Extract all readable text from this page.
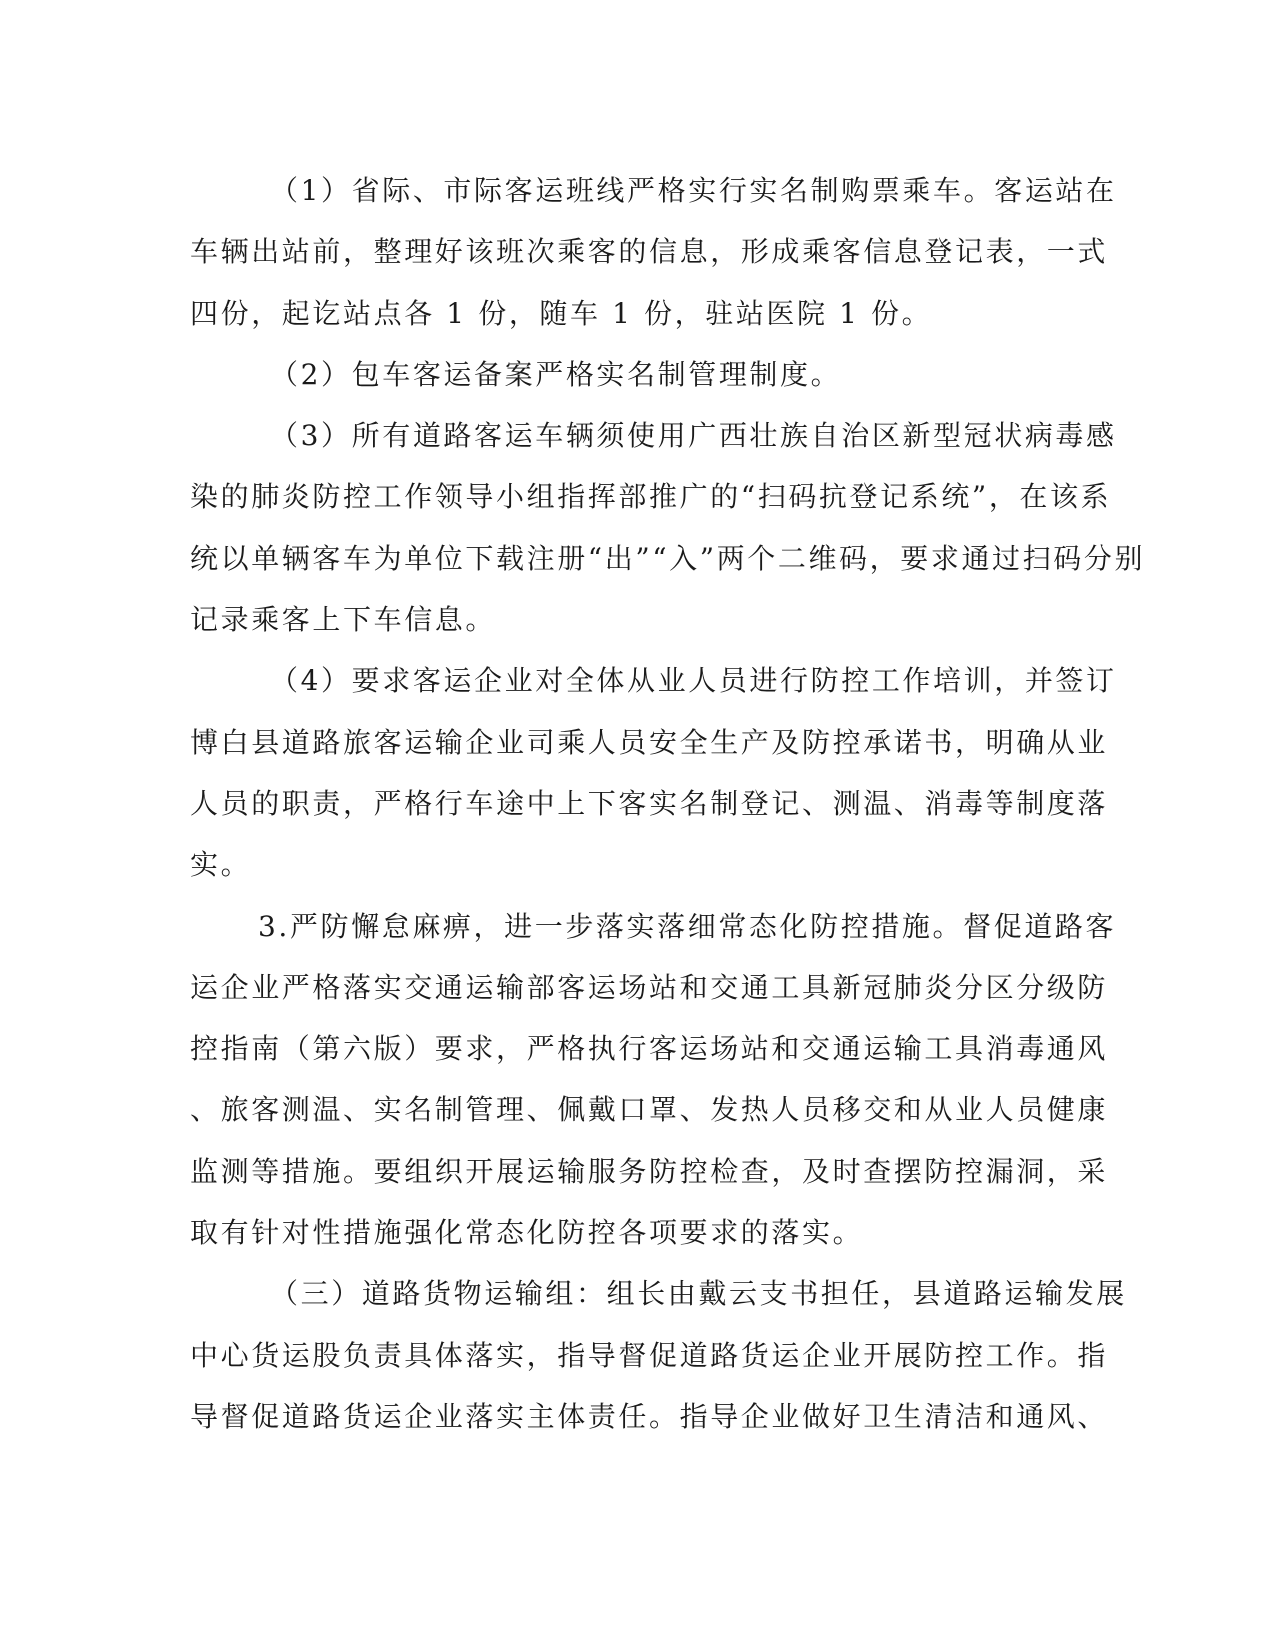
（1）省际、市际客运班线严格实行实名制购票乘车。客运站在
车辆出站前，整理好该班次乘客的信息，形成乘客信息登记表，一式
四份，起讫站点各 1 份，随车 1 份，驻站医院 1 份。

（2）包车客运备案严格实名制管理制度。

（3）所有道路客运车辆须使用广西壮族自治区新型冠状病毒感
染的肺炎防控工作领导小组指挥部推广的“扫码抗登记系统”，在该系
统以单辆客车为单位下载注册“出”“入”两个二维码，要求通过扫码分别
记录乘客上下车信息。

（4）要求客运企业对全体从业人员进行防控工作培训，并签订
博白县道路旅客运输企业司乘人员安全生产及防控承诺书，明确从业
人员的职责，严格行车途中上下客实名制登记、测温、消毒等制度落
实。

3.严防懈怠麻痹，进一步落实落细常态化防控措施。督促道路客
运企业严格落实交通运输部客运场站和交通工具新冠肺炎分区分级防
控指南（第六版）要求，严格执行客运场站和交通运输工具消毒通风
、旅客测温、实名制管理、佩戴口罩、发热人员移交和从业人员健康
监测等措施。要组织开展运输服务防控检查，及时查摆防控漏洞，采
取有针对性措施强化常态化防控各项要求的落实。

（三）道路货物运输组：组长由戴云支书担任，县道路运输发展
中心货运股负责具体落实，指导督促道路货运企业开展防控工作。指
导督促道路货运企业落实主体责任。指导企业做好卫生清洁和通风、
